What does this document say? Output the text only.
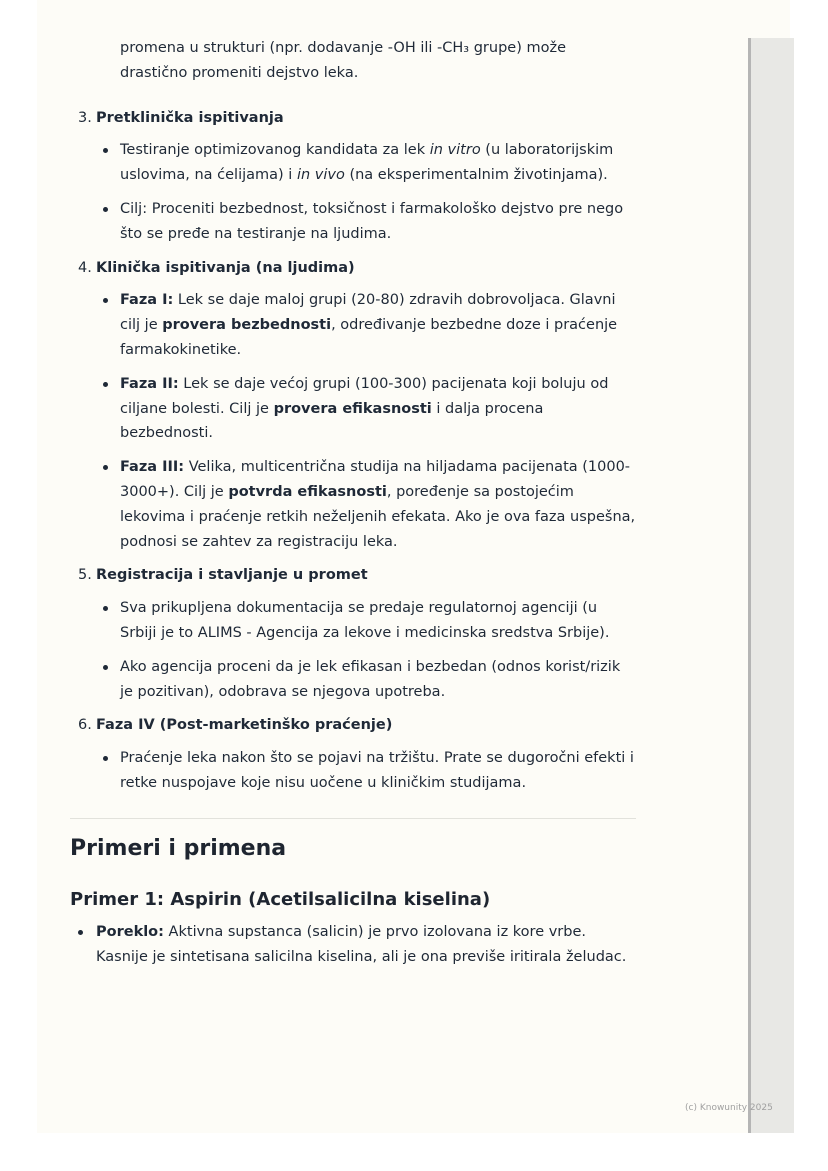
(c) Knowunity 2025

promena u strukturi (npr. dodavanje -OH ili -CH₃ grupe) može

drastično promeniti dejstvo leka.

3. Pretklinička ispitivanja

Testiranje optimizovanog kandidata za lek in vitro (u laboratorijskim uslovima, na ćelijama) i in vivo (na eksperimentalnim životinjama).
Cilj: Proceniti bezbednost, toksičnost i farmakološko dejstvo pre nego što se pređe na testiranje na ljudima.

4. Klinička ispitivanja (na ljudima)

Faza I: Lek se daje maloj grupi (20-80) zdravih dobrovoljaca. Glavni cilj je provera bezbednosti, određivanje bezbedne doze i praćenje farmakokinetike.
Faza II: Lek se daje većoj grupi (100-300) pacijenata koji boluju od ciljane bolesti. Cilj je provera efikasnosti i dalja procena bezbednosti.
Faza III: Velika, multicentrična studija na hiljadama pacijenata (1000-3000+). Cilj je potvrda efikasnosti, poređenje sa postojećim lekovima i praćenje retkih neželjenih efekata. Ako je ova faza uspešna, podnosi se zahtev za registraciju leka.

5. Registracija i stavljanje u promet

Sva prikupljena dokumentacija se predaje regulatornoj agenciji (u Srbiji je to ALIMS - Agencija za lekove i medicinska sredstva Srbije).
Ako agencija proceni da je lek efikasan i bezbedan (odnos korist/rizik je pozitivan), odobrava se njegova upotreba.

6. Faza IV (Post-marketinško praćenje)

Praćenje leka nakon što se pojavi na tržištu. Prate se dugoročni efekti i retke nuspojave koje nisu uočene u kliničkim studijama.
Primeri i primena
Primer 1: Aspirin (Acetilsalicilna kiselina)
Poreklo: Aktivna supstanca (salicin) je prvo izolovana iz kore vrbe. Kasnije je sintetisana salicilna kiselina, ali je ona previše iritirala želudac.
